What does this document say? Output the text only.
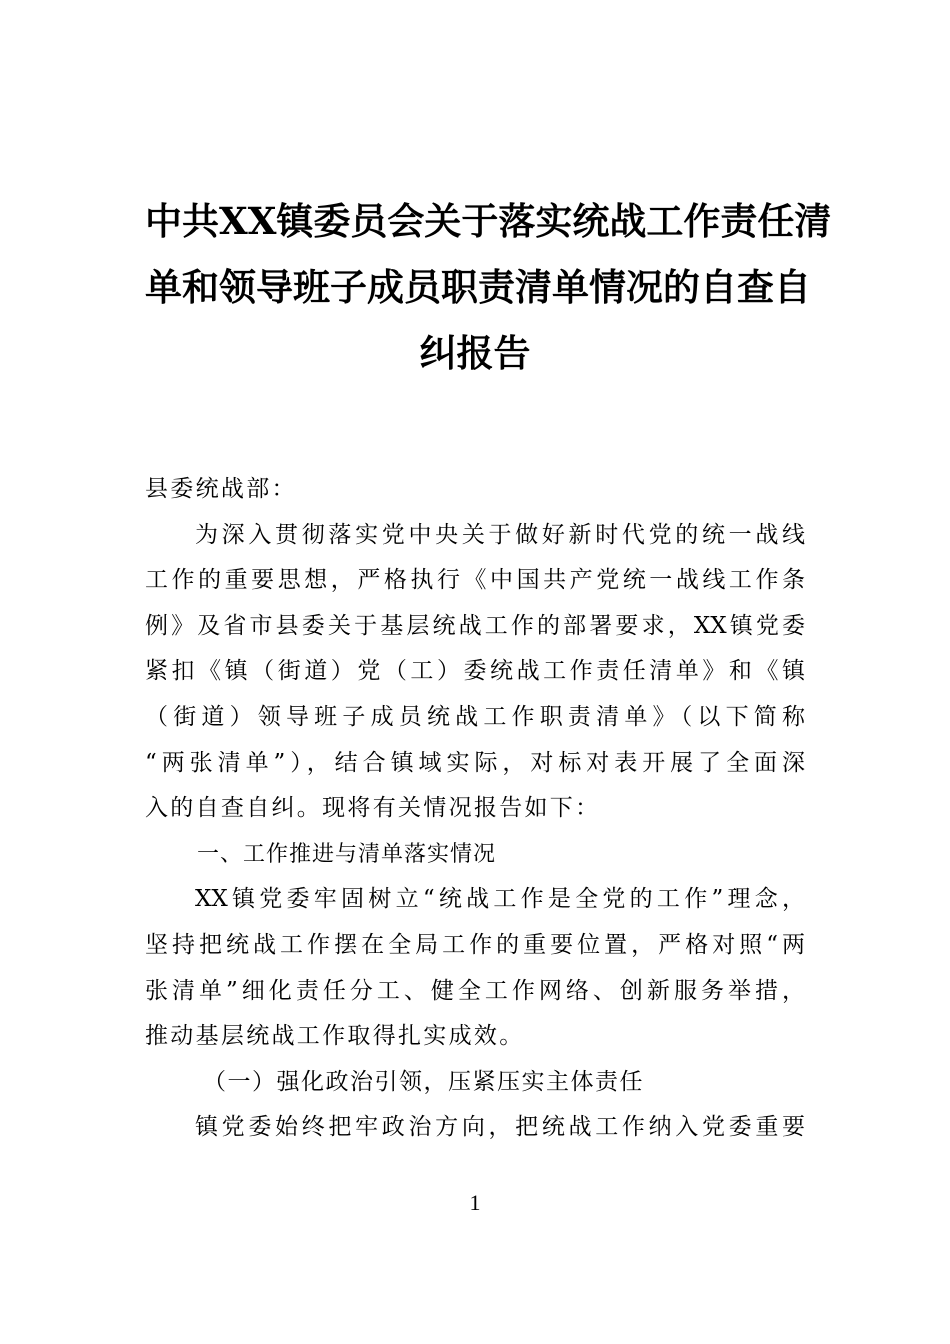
中共XX镇委员会关于落实统战工作责任清
单和领导班子成员职责清单情况的自查自
纠报告
县委统战部：
为深入贯彻落实党中央关于做好新时代党的统一战线
工作的重要思想，严格执行《中国共产党统一战线工作条
例》及省市县委关于基层统战工作的部署要求，XX镇党委
紧扣《镇（街道）党（工）委统战工作责任清单》和《镇
（街道）领导班子成员统战工作职责清单》（以下简称
“两张清单”），结合镇域实际，对标对表开展了全面深
入的自查自纠。现将有关情况报告如下：
一、工作推进与清单落实情况
XX镇党委牢固树立“统战工作是全党的工作”理念，
坚持把统战工作摆在全局工作的重要位置，严格对照“两
张清单”细化责任分工、健全工作网络、创新服务举措，
推动基层统战工作取得扎实成效。
（一）强化政治引领，压紧压实主体责任
镇党委始终把牢政治方向，把统战工作纳入党委重要
1
